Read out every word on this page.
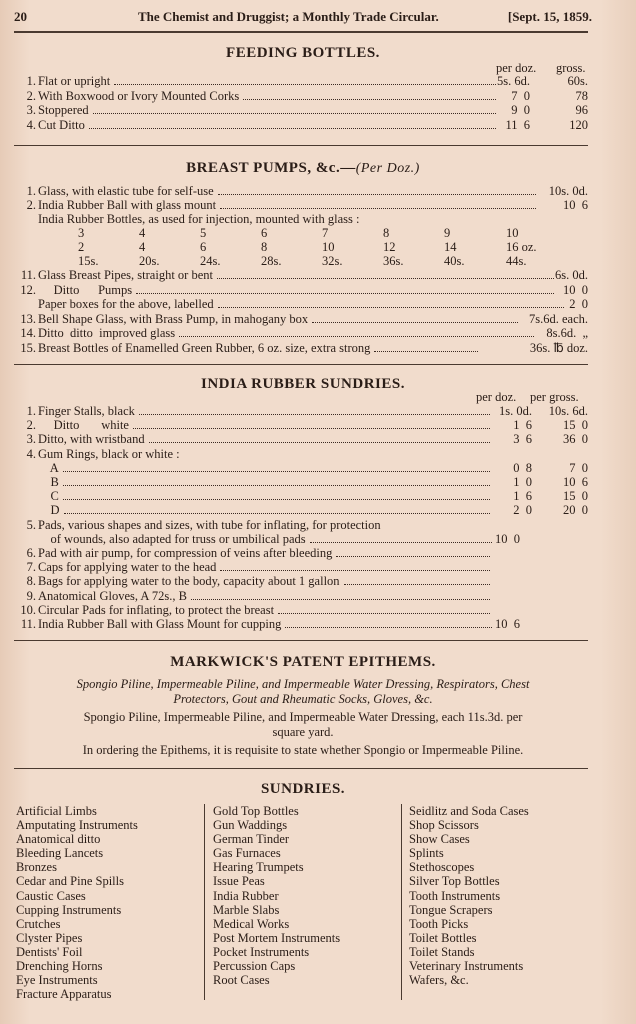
20	The Chemist and Druggist; a Monthly Trade Circular.	[Sept. 15, 1859.
FEEDING BOTTLES.
per doz. gross.
1. Flat or upright	5s. 6d.	60s.
2. With Boxwood or Ivory Mounted Corks	7  0	78
3. Stoppered	9  0	96
4. Cut Ditto	11  6	120
BREAST PUMPS, &c.—(Per Doz.)
1. Glass, with elastic tube for self-use	10s. 0d.
2. India Rubber Ball with glass mount	10  6
India Rubber Bottles, as used for injection, mounted with glass :
3	4	5	6	7	8	9	10
2	4	6	8	10	12	14	16 oz.
15s.	20s.	24s.	28s.	32s.	36s.	40s.	44s.
11. Glass Breast Pipes, straight or bent	6s. 0d.
12. Ditto      Pumps	10  0
Paper boxes for the above, labelled	2  0
13. Bell Shape Glass, with Brass Pump, in mahogany box	7s.6d. each.
14. Ditto  ditto  improved glass	8s.6d.  „
15. Breast Bottles of Enamelled Green Rubber, 6 oz. size, extra strong	36s. ℔ doz.
INDIA RUBBER SUNDRIES.
per doz. per gross.
1. Finger Stalls, black	1s. 0d. 10s. 6d.
2. Ditto       white	1  6 15  0
3. Ditto, with wristband	3  6 36  0
4. Gum Rings, black or white :
A	0  8	7  0
B	1  0 10  6
C	1  6 15  0
D	2  0 20  0
5. Pads, various shapes and sizes, with tube for inflating, for protection
of wounds, also adapted for truss or umbilical pads	10  0
6. Pad with air pump, for compression of veins after bleeding
7. Caps for applying water to the head
8. Bags for applying water to the body, capacity about 1 gallon
9. Anatomical Gloves, A 72s., B
10. Circular Pads for inflating, to protect the breast
11. India Rubber Ball with Glass Mount for cupping	10  6
MARKWICK'S PATENT EPITHEMS.
Spongio Piline, Impermeable Piline, and Impermeable Water Dressing, Respirators, Chest
Protectors, Gout and Rheumatic Socks, Gloves, &c.
Spongio Piline, Impermeable Piline, and Impermeable Water Dressing, each 11s.3d. per
square yard.
In ordering the Epithems, it is requisite to state whether Spongio or Impermeable Piline.
SUNDRIES.
Artificial Limbs
Amputating Instruments
Anatomical ditto
Bleeding Lancets
Bronzes
Cedar and Pine Spills
Caustic Cases
Cupping Instruments
Crutches
Clyster Pipes
Dentists' Foil
Drenching Horns
Eye Instruments
Fracture Apparatus
Gold Top Bottles
Gun Waddings
German Tinder
Gas Furnaces
Hearing Trumpets
Issue Peas
India Rubber
Marble Slabs
Medical Works
Post Mortem Instruments
Pocket Instruments
Percussion Caps
Root Cases
Seidlitz and Soda Cases
Shop Scissors
Show Cases
Splints
Stethoscopes
Silver Top Bottles
Tooth Instruments
Tongue Scrapers
Tooth Picks
Toilet Bottles
Toilet Stands
Veterinary Instruments
Wafers, &c.
